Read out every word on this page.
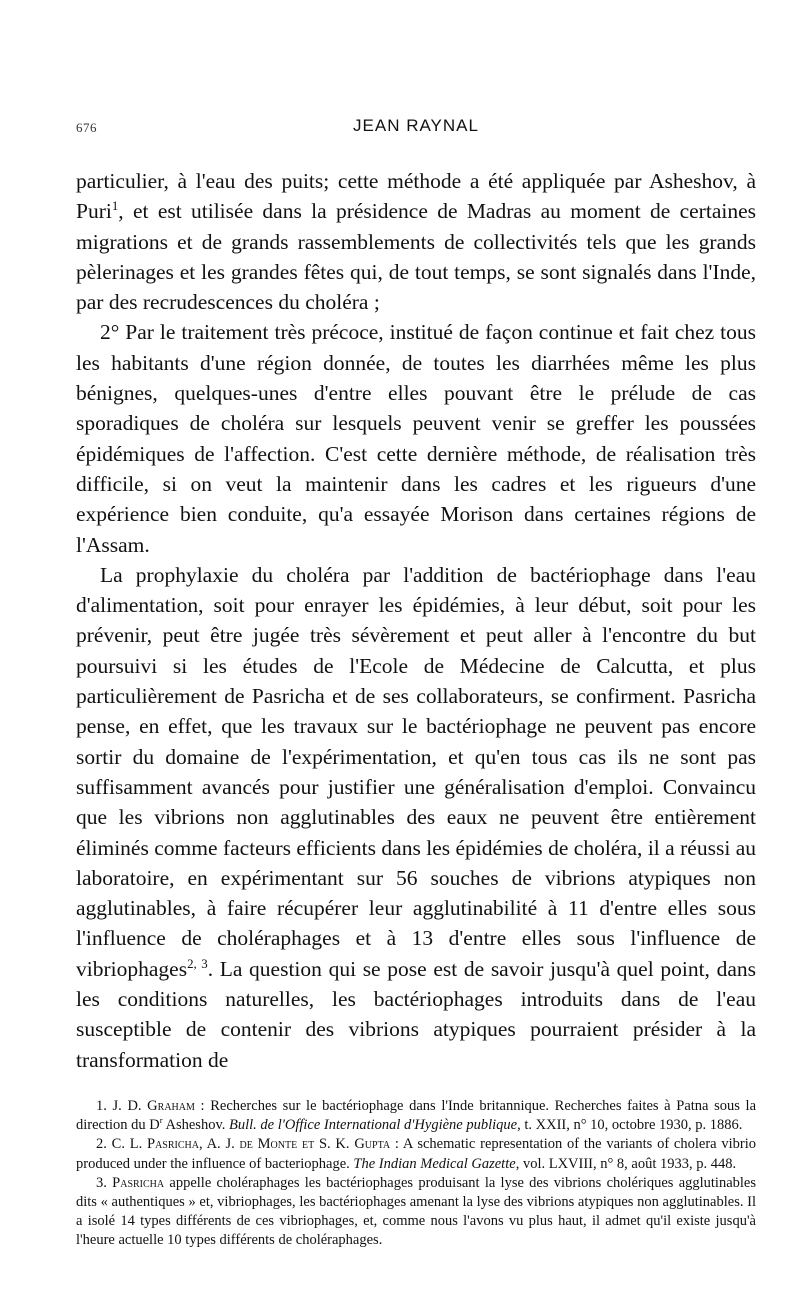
676	JEAN RAYNAL

particulier, à l'eau des puits; cette méthode a été appliquée par Asheshov, à Puri$^1$, et est utilisée dans la présidence de Madras au moment de certaines migrations et de grands rassemblements de collectivités tels que les grands pèlerinages et les grandes fêtes qui, de tout temps, se sont signalés dans l'Inde, par des recrudescences du choléra ;

2° Par le traitement très précoce, institué de façon continue et fait chez tous les habitants d'une région donnée, de toutes les diarrhées même les plus bénignes, quelques-unes d'entre elles pouvant être le prélude de cas sporadiques de choléra sur lesquels peuvent venir se greffer les poussées épidémiques de l'affection. C'est cette dernière méthode, de réalisation très difficile, si on veut la maintenir dans les cadres et les rigueurs d'une expérience bien conduite, qu'a essayée Morison dans certaines régions de l'Assam.

La prophylaxie du choléra par l'addition de bactériophage dans l'eau d'alimentation, soit pour enrayer les épidémies, à leur début, soit pour les prévenir, peut être jugée très sévèrement et peut aller à l'encontre du but poursuivi si les études de l'Ecole de Médecine de Calcutta, et plus particulièrement de Pasricha et de ses collaborateurs, se confirment. Pasricha pense, en effet, que les travaux sur le bactériophage ne peuvent pas encore sortir du domaine de l'expérimentation, et qu'en tous cas ils ne sont pas suffisamment avancés pour justifier une généralisation d'emploi. Convaincu que les vibrions non agglutinables des eaux ne peuvent être entièrement éliminés comme facteurs efficients dans les épidémies de choléra, il a réussi au laboratoire, en expérimentant sur 56 souches de vibrions atypiques non agglutinables, à faire récupérer leur agglutinabilité à 11 d'entre elles sous l'influence de choléraphages et à 13 d'entre elles sous l'influence de vibriophages$^{2, 3}$. La question qui se pose est de savoir jusqu'à quel point, dans les conditions naturelles, les bactériophages introduits dans de l'eau susceptible de contenir des vibrions atypiques pourraient présider à la transformation de

1. J. D. Graham : Recherches sur le bactériophage dans l'Inde britannique. Recherches faites à Patna sous la direction du $D^r$ Asheshov. Bull. de l'Office International d'Hygiène publique, t. XXII, n° 10, octobre 1930, p. 1886.

2. C. L. Pasricha, A. J. de Monte et S. K. Gupta : A schematic representation of the variants of cholera vibrio produced under the influence of bacteriophage. The Indian Medical Gazette, vol. LXVIII, n° 8, août 1933, p. 448.

3. Pasricha appelle choléraphages les bactériophages produisant la lyse des vibrions cholériques agglutinables dits « authentiques » et, vibriophages, les bactériophages amenant la lyse des vibrions atypiques non agglutinables. Il a isolé 14 types différents de ces vibriophages, et, comme nous l'avons vu plus haut, il admet qu'il existe jusqu'à l'heure actuelle 10 types différents de choléraphages.
